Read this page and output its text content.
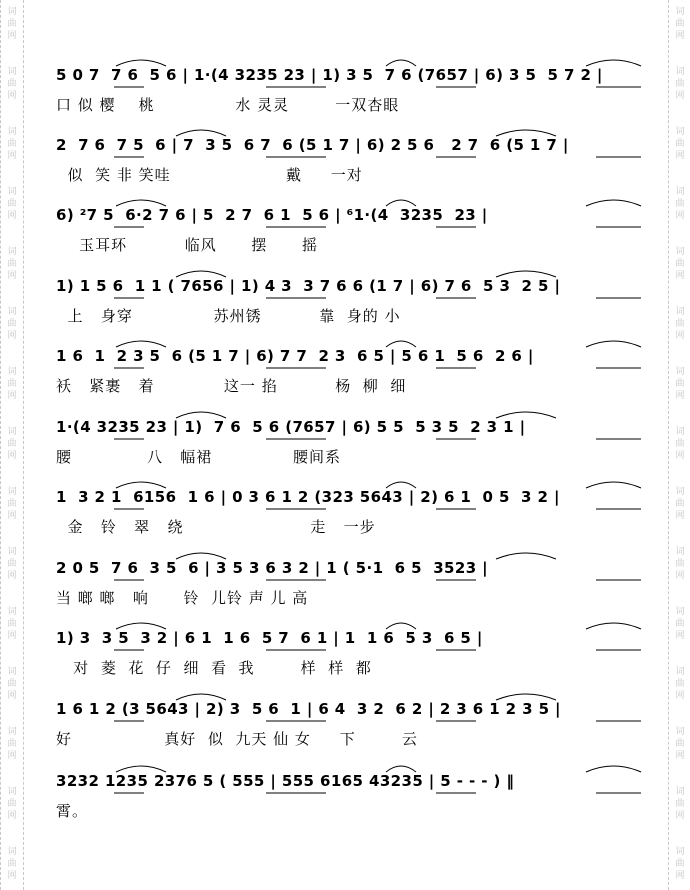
词
曲
网
词
曲
网
词
曲
网
词
曲
网
词
曲
网
词
曲
网
词
曲
网
词
曲
网
词
曲
网
词
曲
网
词
曲
网
词
曲
网
词
曲
网
词
曲
网
词
曲
网
词
曲
网
词
曲
网
词
曲
网
词
曲
网
词
曲
网
词
曲
网
词
曲
网
词
曲
网
词
曲
网
词
曲
网
词
曲
网
词
曲
网
词
曲
网
词
曲
网
词
曲
网
5 0 7  7 6  5 6 | 1·(4 3235 23 | 1) 3 5  7 6 (7657 | 6) 3 5  5 7 2 |
口 似 樱    桃              水 灵灵        一双杏眼
2  7 6  7 5  6 | 7  3 5  6 7  6 (5 1 7 | 6) 2 5 6   2 7  6 (5 1 7 |
似  笑 非 笑哇                    戴     一对
6) ²7 5  6·2 7 6 | 5  2 7  6 1  5 6 | ⁶1·(4  3235  23 |
玉耳环          临风      摆      摇
1) 1 5 6  1 1 ( 7656 | 1) 4 3  3 7 6 6 (1 7 | 6) 7 6  5 3  2 5 |
上   身穿              苏州锈          靠  身的 小
1 6  1  2 3 5  6 (5 1 7 | 6) 7 7  2 3  6 5 | 5 6 1  5 6  2 6 |
袄   紧裹   着            这一 掐          杨  柳  细
1·(4 3235 23 | 1)  7 6  5 6 (7657 | 6) 5 5  5 3 5  2 3 1 |
腰             八   幅裙              腰间系
1  3 2 1  6156  1 6 | 0 3 6 1 2 (323 5643 | 2) 6 1  0 5  3 2 |
金   铃   翠   绕                      走   一步
2 0 5  7 6  3 5  6 | 3 5 3 6 3 2 | 1 ( 5·1  6 5  3523 |
当 啷 啷   响      铃  儿铃 声 儿 高
1) 3  3 5  3 2 | 6 1  1 6  5 7  6 1 | 1  1 6  5 3  6 5 |
对  菱  花  仔  细  看  我        样  样  都
1 6 1 2 (3 5643 | 2) 3  5 6  1 | 6 4  3 2  6 2 | 2 3 6 1 2 3 5 |
好                真好  似  九天 仙 女     下        云
3232 1235 2376 5 ( 555 | 555 6165 43235 | 5 - - - ) ‖
霄。
